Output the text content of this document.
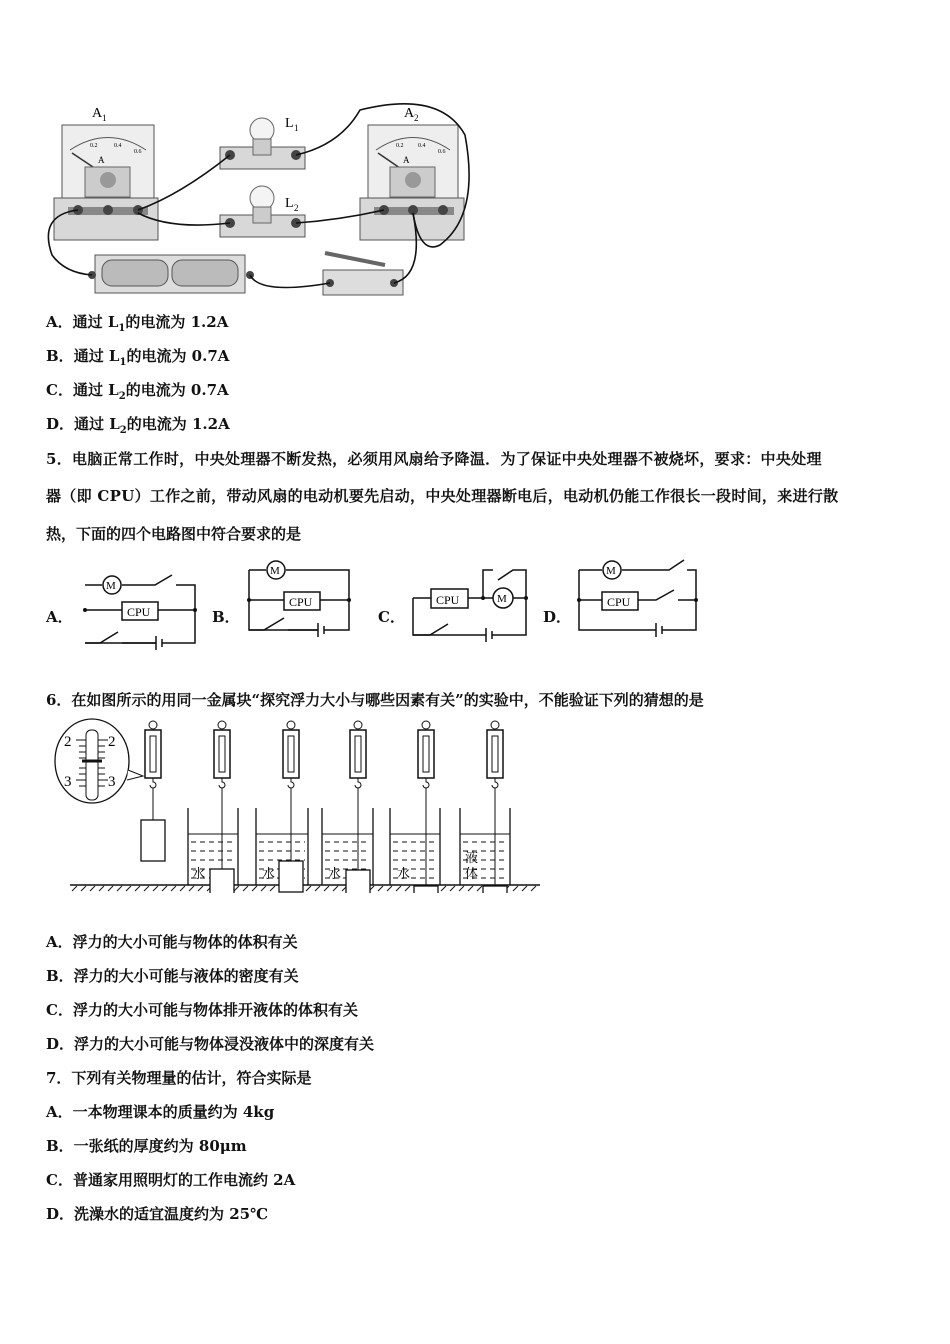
A 1
A
0.2	0.4
0.6
A 2
A
0.2 0.4
0.6
L 1
L 2
A．通过 $L_1$的电流为 1.2A
B．通过 $L_1$的电流为 0.7A
C．通过 $L_2$的电流为 0.7A
D．通过 $L_2$的电流为 1.2A
5．电脑正常工作时，中央处理器不断发热，必须用风扇给予降温．为了保证中央处理器不被烧坏，要求：中央处理
器（即 CPU）工作之前，带动风扇的电动机要先启动，中央处理器断电后，电动机仍能工作很长一段时间，来进行散
热，下面的四个电路图中符合要求的是
A．	B．	C．	D．
CPU
M
CPU
M
CPU	M	CPU
M
6．在如图所示的用同一金属块“探究浮力大小与哪些因素有关”的实验中，不能验证下列的猜想的是
2 2
3 3
水	水	水	水
液
体
A．浮力的大小可能与物体的体积有关
B．浮力的大小可能与液体的密度有关
C．浮力的大小可能与物体排开液体的体积有关
D．浮力的大小可能与物体浸没液体中的深度有关
7．下列有关物理量的估计，符合实际是
A．一本物理课本的质量约为 4kg
B．一张纸的厚度约为 80μm
C．普通家用照明灯的工作电流约 2A
D．洗澡水的适宜温度约为 25℃
